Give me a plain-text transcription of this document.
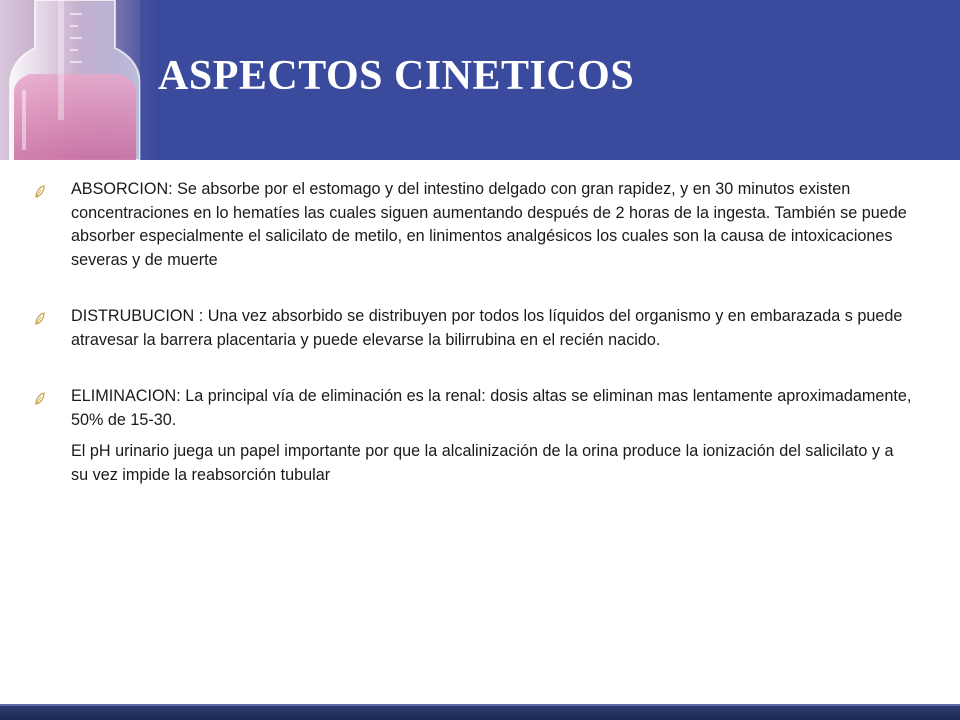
ASPECTOS CINETICOS
ABSORCION: Se absorbe por el estomago y del intestino delgado con gran rapidez, y en 30 minutos existen concentraciones en lo hematíes las cuales siguen aumentando después de 2 horas de la ingesta. También se puede absorber especialmente el salicilato de metilo, en linimentos analgésicos los cuales son la causa de intoxicaciones severas y de muerte
DISTRUBUCION : Una vez absorbido se distribuyen por todos los líquidos del organismo y en embarazada s puede atravesar la barrera placentaria y puede elevarse la bilirrubina en el recién nacido.
ELIMINACION: La principal vía de eliminación es la renal: dosis altas se eliminan mas lentamente aproximadamente, 50% de 15-30.
El pH urinario juega un papel importante por que la alcalinización de la orina produce la ionización del salicilato y a su vez impide la reabsorción tubular
